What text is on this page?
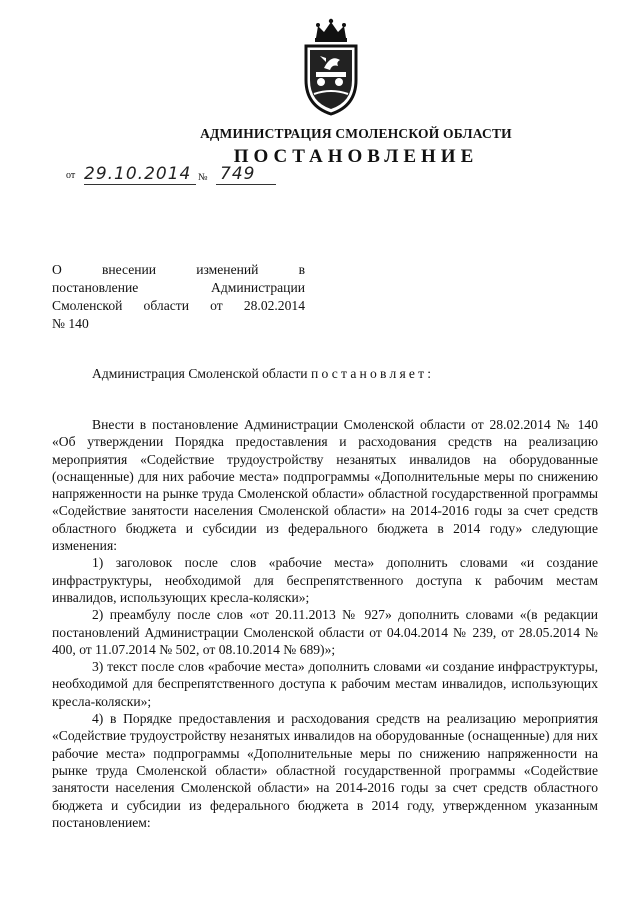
АДМИНИСТРАЦИЯ СМОЛЕНСКОЙ ОБЛАСТИ
ПОСТАНОВЛЕНИЕ
от 29.10.2014 № 749

О внесении изменений в

постановление Администрации

Смоленской области от 28.02.2014

№ 140

Администрация Смоленской области постановляет:

Внести в постановление Администрации Смоленской области от 28.02.2014 № 140 «Об утверждении Порядка предоставления и расходования средств на реализацию мероприятия «Содействие трудоустройству незанятых инвалидов на оборудованные (оснащенные) для них рабочие места» подпрограммы «Дополнительные меры по снижению напряженности на рынке труда Смоленской области» областной государственной программы «Содействие занятости населения Смоленской области» на 2014-2016 годы за счет средств областного бюджета и субсидии из федерального бюджета в 2014 году» следующие изменения:

1) заголовок после слов «рабочие места» дополнить словами «и создание инфраструктуры, необходимой для беспрепятственного доступа к рабочим местам инвалидов, использующих кресла-коляски»;

2) преамбулу после слов «от 20.11.2013 № 927» дополнить словами «(в редакции постановлений Администрации Смоленской области от 04.04.2014 № 239, от 28.05.2014 № 400, от 11.07.2014 № 502, от 08.10.2014 № 689)»;

3) текст после слов «рабочие места» дополнить словами «и создание инфраструктуры, необходимой для беспрепятственного доступа к рабочим местам инвалидов, использующих кресла-коляски»;

4) в Порядке предоставления и расходования средств на реализацию мероприятия «Содействие трудоустройству незанятых инвалидов на оборудованные (оснащенные) для них рабочие места» подпрограммы «Дополнительные меры по снижению напряженности на рынке труда Смоленской области» областной государственной программы «Содействие занятости населения Смоленской области» на 2014-2016 годы за счет средств областного бюджета и субсидии из федерального бюджета в 2014 году, утвержденном указанным постановлением:
